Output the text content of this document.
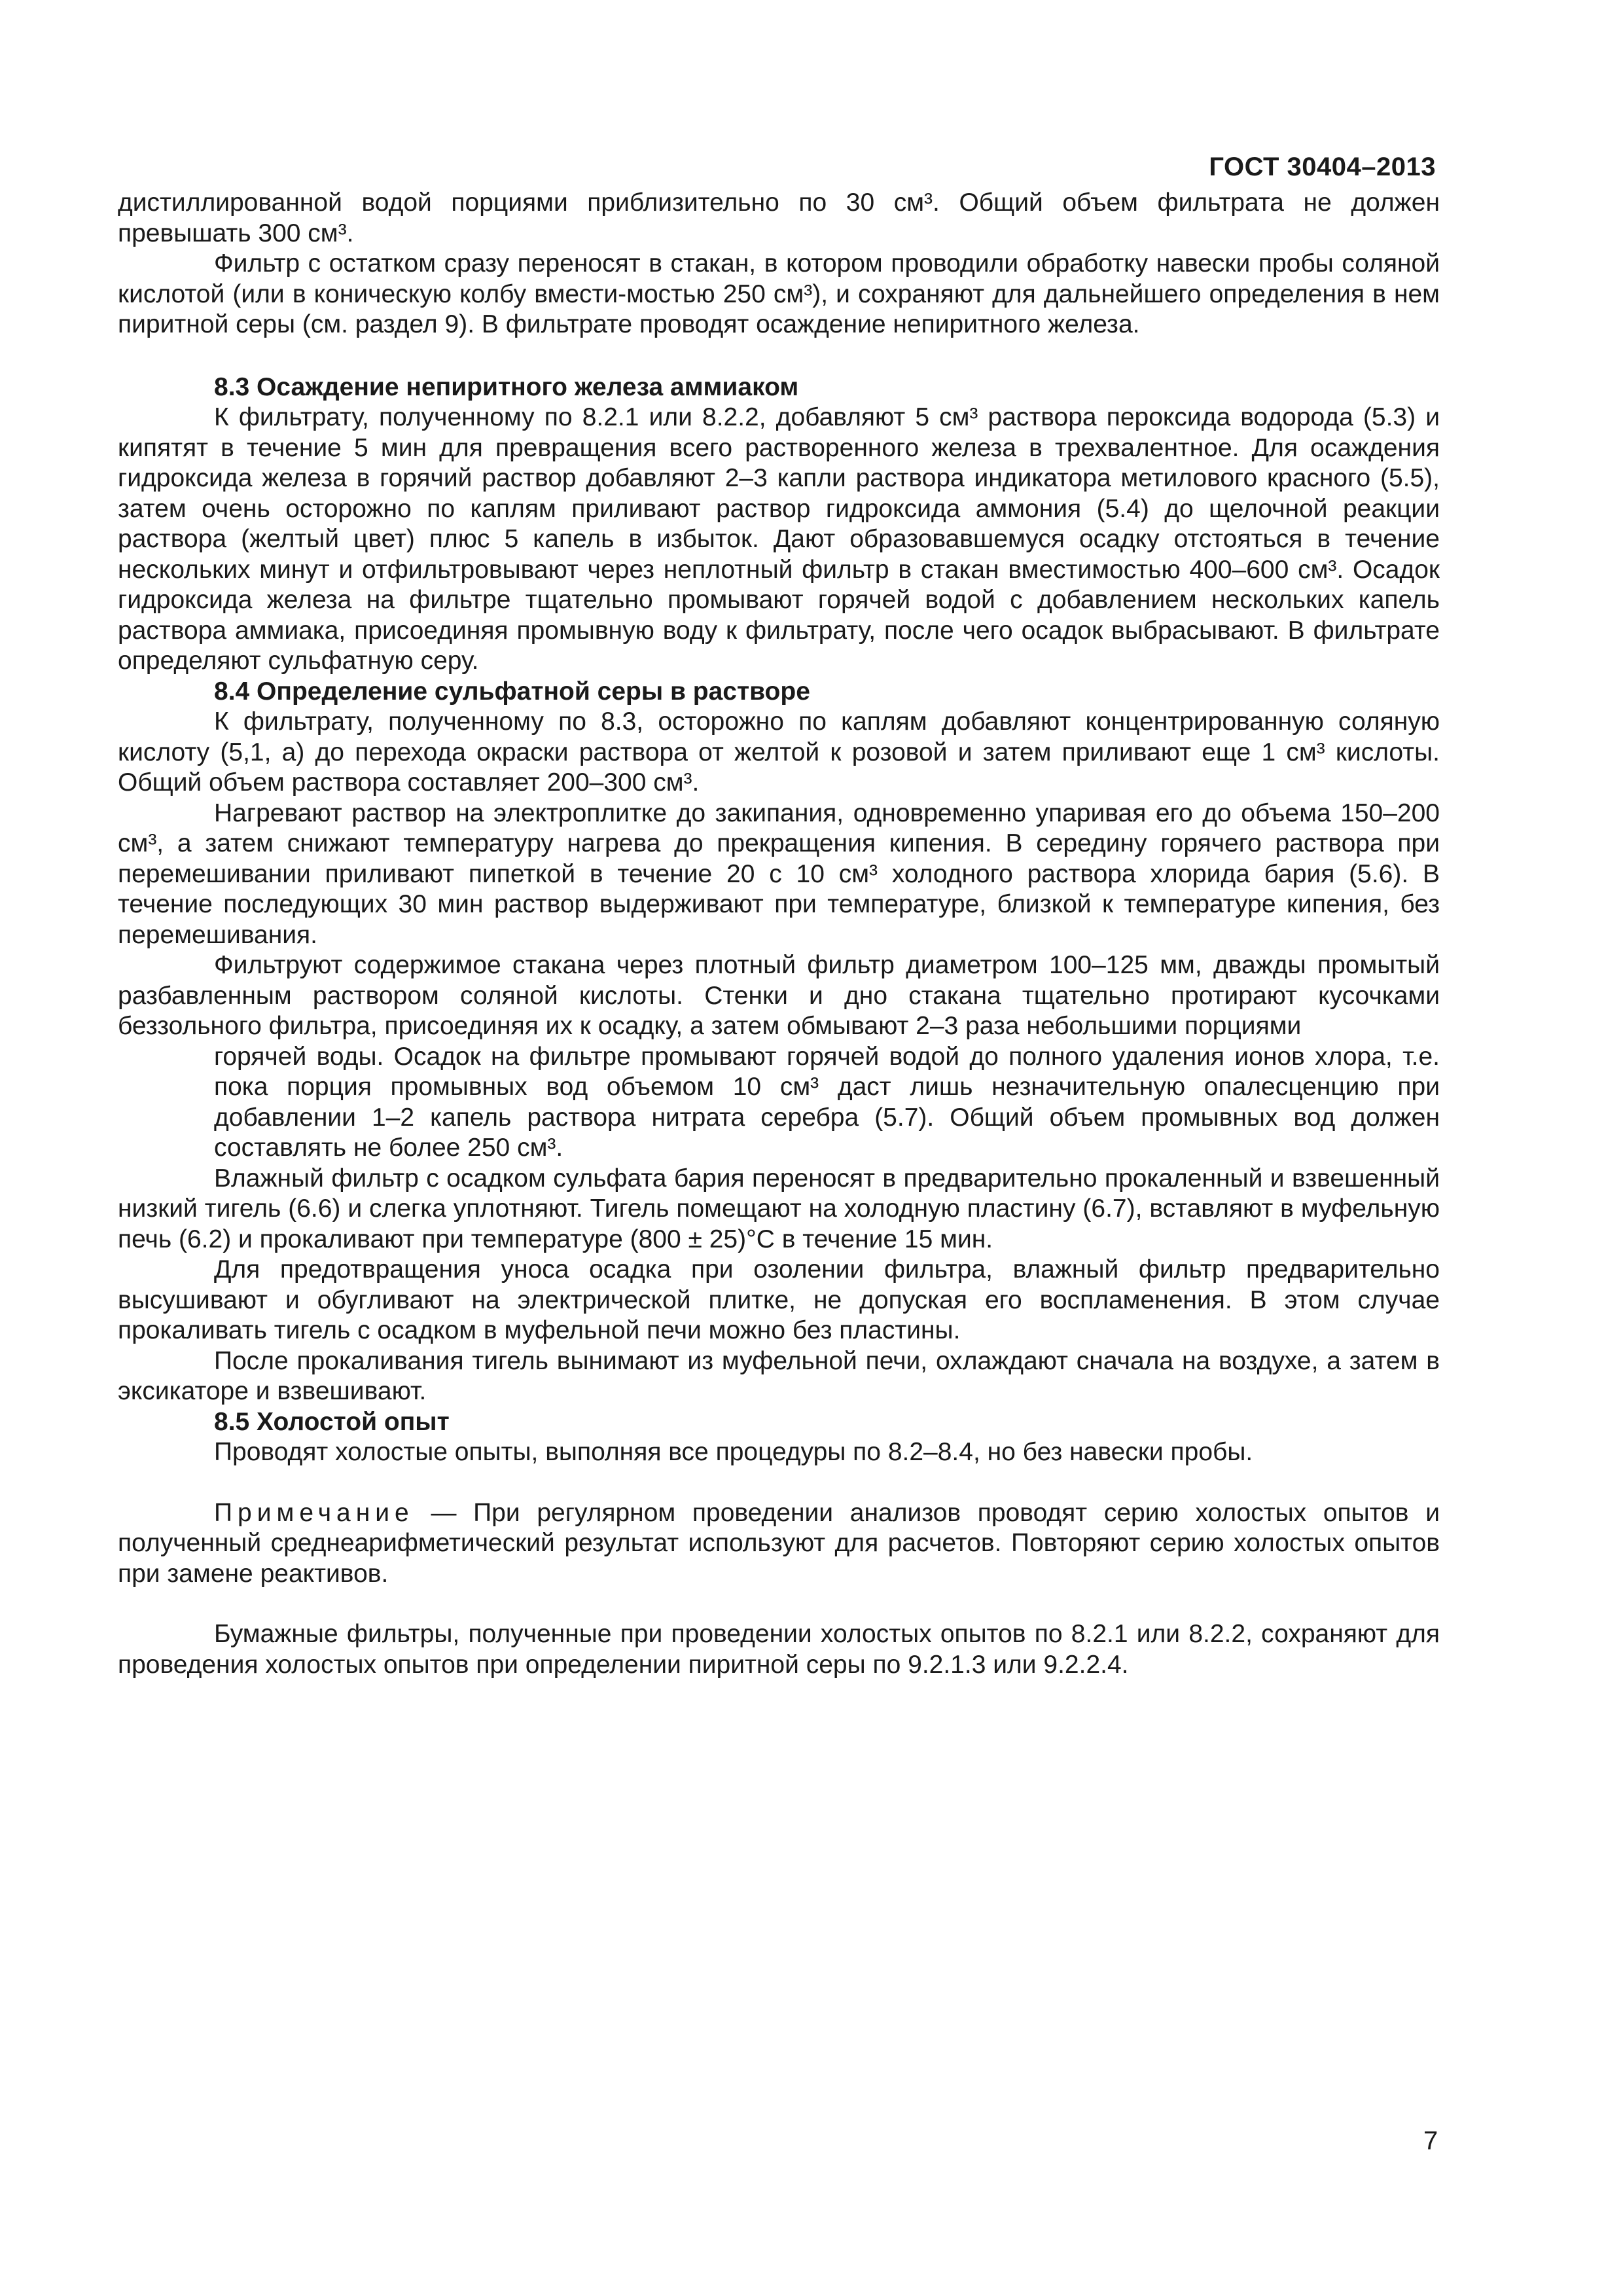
ГОСТ 30404–2013

дистиллированной водой порциями приблизительно по 30 см³. Общий объем фильтрата не должен превышать 300 см³.

Фильтр с остатком сразу переносят в стакан, в котором проводили обработку навески пробы соляной кислотой (или в коническую колбу вмести-мостью 250 см³), и сохраняют для дальнейшего определения в нем пиритной серы (см. раздел 9). В фильтрате проводят осаждение непиритного железа.

8.3 Осаждение непиритного железа аммиаком

К фильтрату, полученному по 8.2.1 или 8.2.2, добавляют 5 см³ раствора пероксида водорода (5.3) и кипятят в течение 5 мин для превращения всего растворенного железа в трехвалентное. Для осаждения гидроксида железа в горячий раствор добавляют 2–3 капли раствора индикатора метилового красного (5.5), затем очень осторожно по каплям приливают раствор гидроксида аммония (5.4) до щелочной реакции раствора (желтый цвет) плюс 5 капель в избыток. Дают образовавшемуся осадку отстояться в течение нескольких минут и отфильтровывают через неплотный фильтр в стакан вместимостью 400–600 см³. Осадок гидроксида железа на фильтре тщательно промывают горячей водой с добавлением нескольких капель раствора аммиака, присоединяя промывную воду к фильтрату, после чего осадок выбрасывают. В фильтрате определяют сульфатную серу.

8.4 Определение сульфатной серы в растворе

К фильтрату, полученному по 8.3, осторожно по каплям добавляют концентрированную соляную кислоту (5,1, а) до перехода окраски раствора от желтой к розовой и затем приливают еще 1 см³ кислоты. Общий объем раствора составляет 200–300 см³.

Нагревают раствор на электроплитке до закипания, одновременно упаривая его до объема 150–200 см³, а затем снижают температуру нагрева до прекращения кипения. В середину горячего раствора при перемешивании приливают пипеткой в течение 20 с 10 см³ холодного раствора хлорида бария (5.6). В течение последующих 30 мин раствор выдерживают при температуре, близкой к температуре кипения, без перемешивания.

Фильтруют содержимое стакана через плотный фильтр диаметром 100–125 мм, дважды промытый разбавленным раствором соляной кислоты. Стенки и дно стакана тщательно протирают кусочками беззольного фильтра, присоединяя их к осадку, а затем обмывают 2–3 раза небольшими порциями

горячей воды. Осадок на фильтре промывают горячей водой до полного удаления ионов хлора, т.е. пока порция промывных вод объемом 10 см³ даст лишь незначительную опалесценцию при добавлении 1–2 капель раствора нитрата серебра (5.7). Общий объем промывных вод должен составлять не более 250 см³.

Влажный фильтр с осадком сульфата бария переносят в предварительно прокаленный и взвешенный низкий тигель (6.6) и слегка уплотняют. Тигель помещают на холодную пластину (6.7), вставляют в муфельную печь (6.2) и прокаливают при температуре (800 ± 25)°С в течение 15 мин.

Для предотвращения уноса осадка при озолении фильтра, влажный фильтр предварительно высушивают и обугливают на электрической плитке, не допуская его воспламенения. В этом случае прокаливать тигель с осадком в муфельной печи можно без пластины.

После прокаливания тигель вынимают из муфельной печи, охлаждают сначала на воздухе, а затем в эксикаторе и взвешивают.

8.5 Холостой опыт

Проводят холостые опыты, выполняя все процедуры по 8.2–8.4, но без навески пробы.

Примечание — При регулярном проведении анализов проводят серию холостых опытов и полученный среднеарифметический результат используют для расчетов. Повторяют серию холостых опытов при замене реактивов.

Бумажные фильтры, полученные при проведении холостых опытов по 8.2.1 или 8.2.2, сохраняют для проведения холостых опытов при определении пиритной серы по 9.2.1.3 или 9.2.2.4.

7
